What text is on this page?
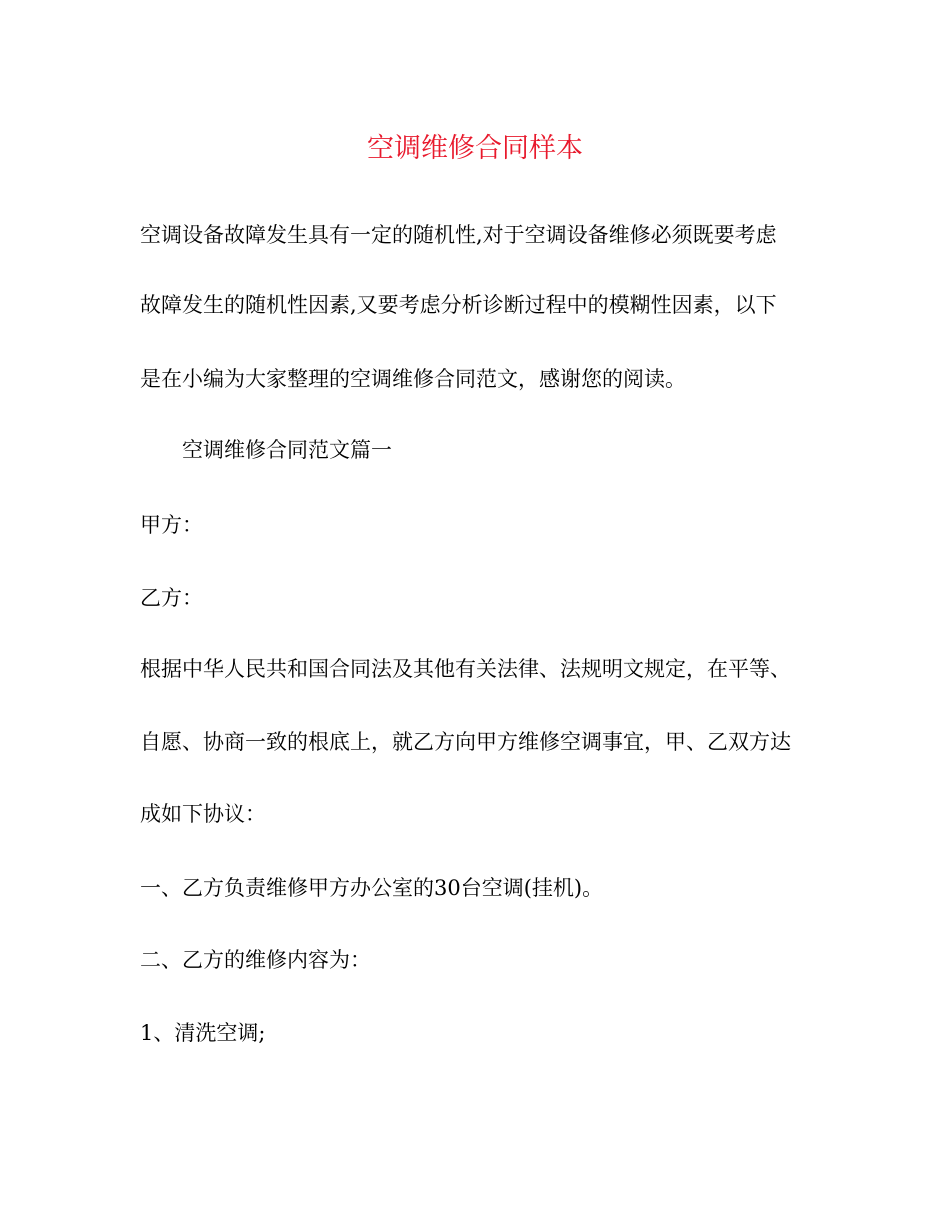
空调维修合同样本
空调设备故障发生具有一定的随机性,对于空调设备维修必须既要考虑
故障发生的随机性因素,又要考虑分析诊断过程中的模糊性因素，以下
是在小编为大家整理的空调维修合同范文，感谢您的阅读。
空调维修合同范文篇一
甲方：
乙方：
根据中华人民共和国合同法及其他有关法律、法规明文规定，在平等、
自愿、协商一致的根底上，就乙方向甲方维修空调事宜，甲、乙双方达
成如下协议：
一、乙方负责维修甲方办公室的30台空调(挂机)。
二、乙方的维修内容为：
1、清洗空调;
